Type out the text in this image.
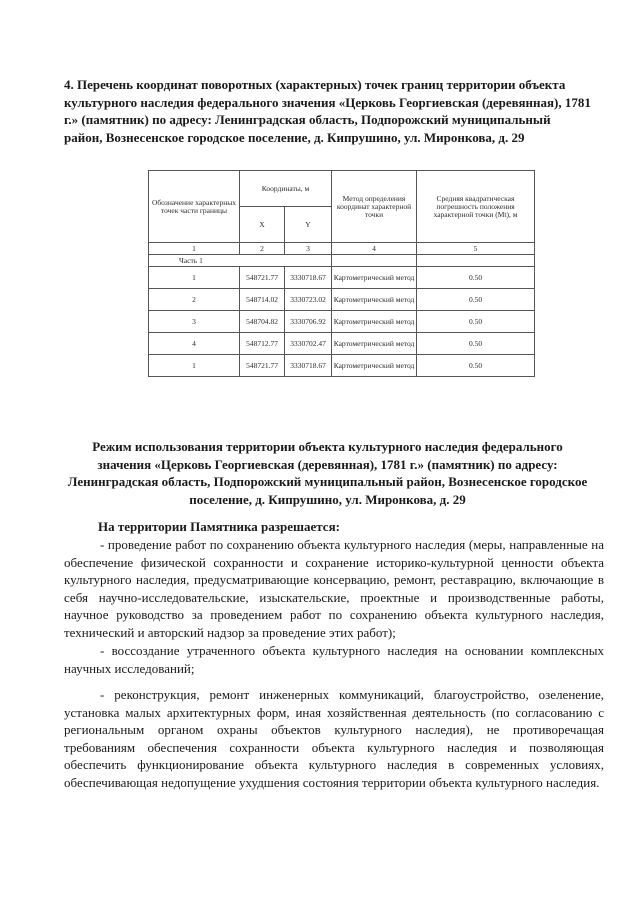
4. Перечень координат поворотных (характерных) точек границ территории объекта культурного наследия федерального значения «Церковь Георгиевская (деревянная), 1781 г.» (памятник) по адресу: Ленинградская область, Подпорожский муниципальный район, Вознесенское городское поселение, д. Кипрушино, ул. Миронкова, д. 29
Обозначение характерных точек части границы	Координаты, м		Метод определения координат характерной точки	Средняя квадратическая погрешность положения характерной точки (Mt), м
	X	Y		
1	2	3	4	5
Часть 1				
1	548721.77	3330718.67	Картометрический метод	0.50
2	548714.02	3330723.02	Картометрический метод	0.50
3	548704.82	3330706.92	Картометрический метод	0.50
4	548712.77	3330702.47	Картометрический метод	0.50
1	548721.77	3330718.67	Картометрический метод	0.50
Режим использования территории объекта культурного наследия федерального значения «Церковь Георгиевская (деревянная), 1781 г.» (памятник) по адресу: Ленинградская область, Подпорожский муниципальный район, Вознесенское городское поселение, д. Кипрушино, ул. Миронкова, д. 29
На территории Памятника разрешается:
- проведение работ по сохранению объекта культурного наследия (меры, направленные на обеспечение физической сохранности и сохранение историко-культурной ценности объекта культурного наследия, предусматривающие консервацию, ремонт, реставрацию, включающие в себя научно-исследовательские, изыскательские, проектные и производственные работы, научное руководство за проведением работ по сохранению объекта культурного наследия, технический и авторский надзор за проведение этих работ);
- воссоздание утраченного объекта культурного наследия на основании комплексных научных исследований;
- реконструкция, ремонт инженерных коммуникаций, благоустройство, озеленение, установка малых архитектурных форм, иная хозяйственная деятельность (по согласованию с региональным органом охраны объектов культурного наследия), не противоречащая требованиям обеспечения сохранности объекта культурного наследия и позволяющая обеспечить функционирование объекта культурного наследия в современных условиях, обеспечивающая недопущение ухудшения состояния территории объекта культурного наследия.
